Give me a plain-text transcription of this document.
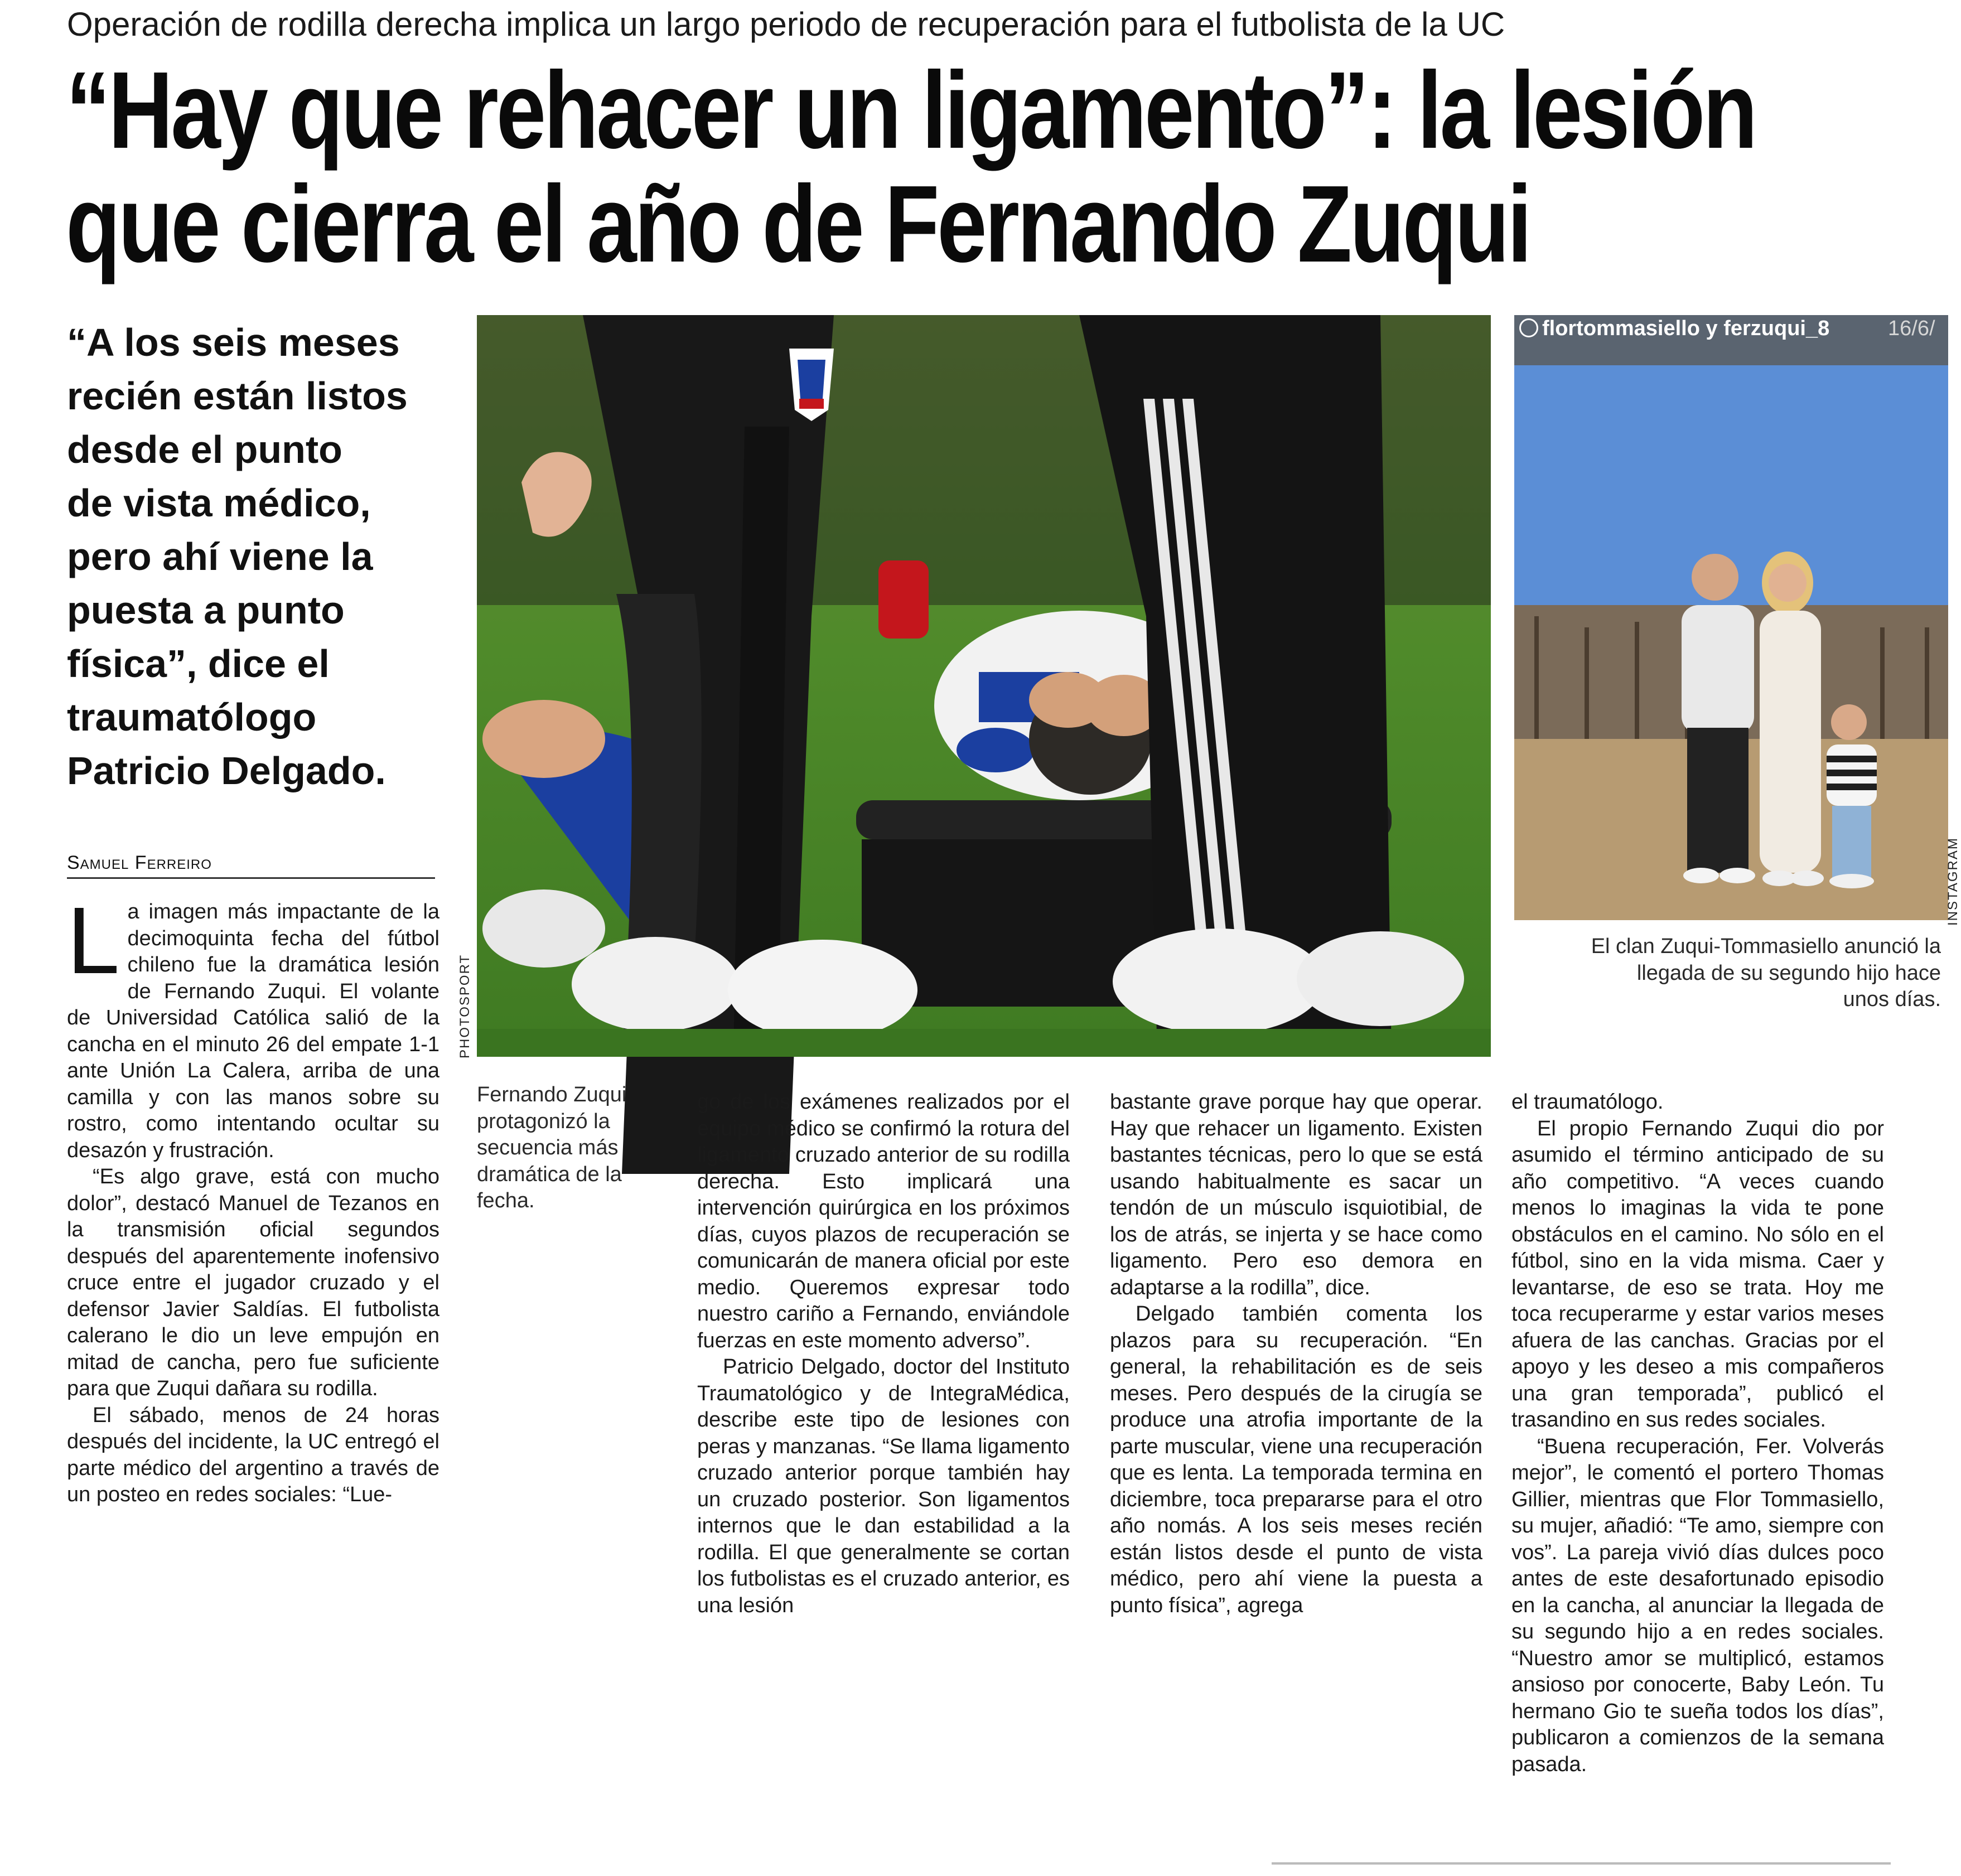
Operación de rodilla derecha implica un largo periodo de recuperación para el futbolista de la UC
“Hay que rehacer un ligamento”: la lesión
que cierra el año de Fernando Zuqui
“A los seis meses
recién están listos
desde el punto
de vista médico,
pero ahí viene la
puesta a punto
física”, dice el
traumatólogo
Patricio Delgado.
Samuel Ferreiro

La imagen más impactante de la decimoquinta fecha del fútbol chileno fue la dramática lesión de Fernando Zuqui. El volante de Universidad Católica salió de la cancha en el minuto 26 del empate 1-1 ante Unión La Calera, arriba de una camilla y con las manos sobre su rostro, como intentando ocultar su desazón y frustración.

“Es algo grave, está con mucho dolor”, destacó Manuel de Tezanos en la transmisión oficial segundos después del aparentemente inofensivo cruce entre el jugador cruzado y el defensor Javier Saldías. El futbolista calerano le dio un leve empujón en mitad de cancha, pero fue suficiente para que Zuqui dañara su rodilla.

El sábado, menos de 24 horas después del incidente, la UC entregó el parte médico del argentino a través de un posteo en redes sociales: “Lue-

PHOTOSPORT
Fernando Zuqui protagonizó la secuencia más dramática de la fecha.
flortommasiello y ferzuqui_8	16/6/
INSTAGRAM
El clan Zuqui-Tommasiello anunció la llegada de su segundo hijo hace unos días.

go de los exámenes realizados por el equipo médico se confirmó la rotura del ligamento cruzado anterior de su rodilla derecha. Esto implicará una intervención quirúrgica en los próximos días, cuyos plazos de recuperación se comunicarán de manera oficial por este medio. Queremos expresar todo nuestro cariño a Fernando, enviándole fuerzas en este momento adverso”.

Patricio Delgado, doctor del Instituto Traumatológico y de IntegraMédica, describe este tipo de lesiones con peras y manzanas. “Se llama ligamento cruzado anterior porque también hay un cruzado posterior. Son ligamentos internos que le dan estabilidad a la rodilla. El que generalmente se cortan los futbolistas es el cruzado anterior, es una lesión

bastante grave porque hay que operar. Hay que rehacer un ligamento. Existen bastantes técnicas, pero lo que se está usando habitualmente es sacar un tendón de un músculo isquiotibial, de los de atrás, se injerta y se hace como ligamento. Pero eso demora en adaptarse a la rodilla”, dice.

Delgado también comenta los plazos para su recuperación. “En general, la rehabilitación es de seis meses. Pero después de la cirugía se produce una atrofia importante de la parte muscular, viene una recuperación que es lenta. La temporada termina en diciembre, toca prepararse para el otro año nomás. A los seis meses recién están listos desde el punto de vista médico, pero ahí viene la puesta a punto física”, agrega

el traumatólogo.

El propio Fernando Zuqui dio por asumido el término anticipado de su año competitivo. “A veces cuando menos lo imaginas la vida te pone obstáculos en el camino. No sólo en el fútbol, sino en la vida misma. Caer y levantarse, de eso se trata. Hoy me toca recuperarme y estar varios meses afuera de las canchas. Gracias por el apoyo y les deseo a mis compañeros una gran temporada”, publicó el trasandino en sus redes sociales.

“Buena recuperación, Fer. Volverás mejor”, le comentó el portero Thomas Gillier, mientras que Flor Tommasiello, su mujer, añadió: “Te amo, siempre con vos”. La pareja vivió días dulces poco antes de este desafortunado episodio en la cancha, al anunciar la llegada de su segundo hijo a en redes sociales. “Nuestro amor se multiplicó, estamos ansioso por conocerte, Baby León. Tu hermano Gio te sueña todos los días”, publicaron a comienzos de la semana pasada.
